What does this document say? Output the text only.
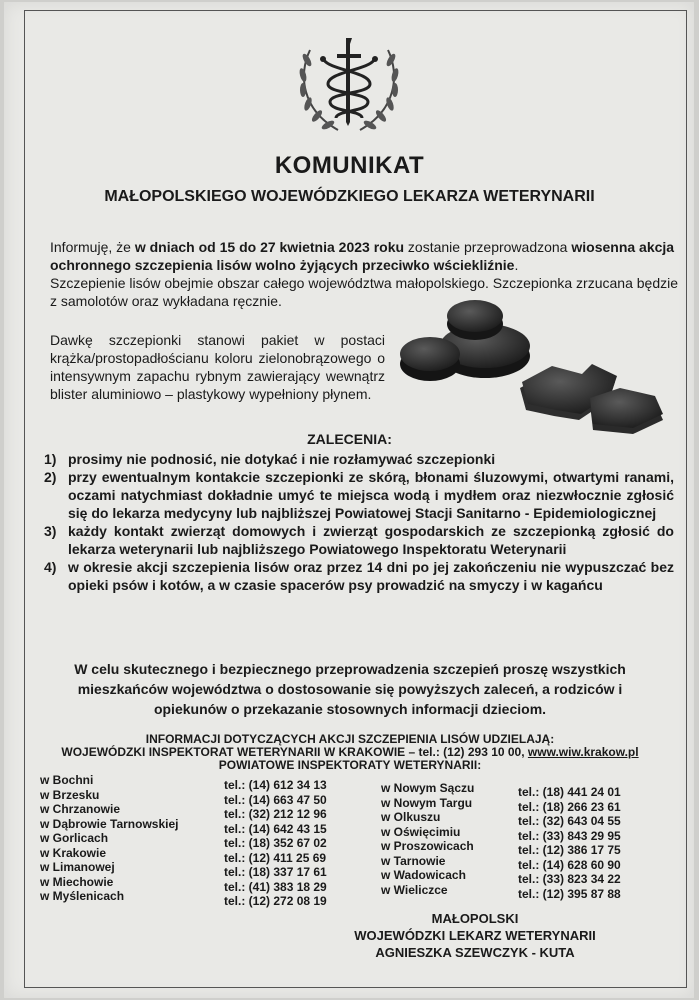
KOMUNIKAT
MAŁOPOLSKIEGO WOJEWÓDZKIEGO LEKARZA WETERYNARII
Informuję, że w dniach od 15 do 27 kwietnia 2023 roku zostanie przeprowadzona wiosenna akcja ochronnego szczepienia lisów wolno żyjących przeciwko wściekliźnie.
Szczepienie lisów obejmie obszar całego województwa małopolskiego. Szczepionka zrzucana będzie z samolotów oraz wykładana ręcznie.
Dawkę szczepionki stanowi pakiet w postaci krążka/prostopadłościanu koloru zielonobrązowego o intensywnym zapachu rybnym zawierający wewnątrz blister aluminiowo – plastykowy wypełniony płynem.
ZALECENIA:
1) prosimy nie podnosić, nie dotykać i nie rozłamywać szczepionki
2) przy ewentualnym kontakcie szczepionki ze skórą, błonami śluzowymi, otwartymi ranami, oczami natychmiast dokładnie umyć te miejsca wodą i mydłem oraz niezwłocznie zgłosić się do lekarza medycyny lub najbliższej Powiatowej Stacji Sanitarno - Epidemiologicznej
3) każdy kontakt zwierząt domowych i zwierząt gospodarskich ze szczepionką zgłosić do lekarza weterynarii lub najbliższego Powiatowego Inspektoratu Weterynarii
4) w okresie akcji szczepienia lisów oraz przez 14 dni po jej zakończeniu nie wypuszczać bez opieki psów i kotów, a w czasie spacerów psy prowadzić na smyczy i w kagańcu
W celu skutecznego i bezpiecznego przeprowadzenia szczepień proszę wszystkich mieszkańców województwa o dostosowanie się powyższych zaleceń, a rodziców i opiekunów o przekazanie stosownych informacji dzieciom.
INFORMACJI DOTYCZĄCYCH AKCJI SZCZEPIENIA LISÓW UDZIELAJĄ:
WOJEWÓDZKI INSPEKTORAT WETERYNARII W KRAKOWIE – tel.: (12) 293 10 00, www.wiw.krakow.pl
POWIATOWE INSPEKTORATY WETERYNARII:
w Bochni
w Brzesku
w Chrzanowie
w Dąbrowie Tarnowskiej
w Gorlicach
w Krakowie
w Limanowej
w Miechowie
w Myślenicach
tel.: (14) 612 34 13
tel.: (14) 663 47 50
tel.: (32) 212 12 96
tel.: (14) 642 43 15
tel.: (18) 352 67 02
tel.: (12) 411 25 69
tel.: (18) 337 17 61
tel.: (41) 383 18 29
tel.: (12) 272 08 19
w Nowym Sączu
w Nowym Targu
w Olkuszu
w Oświęcimiu
w Proszowicach
w Tarnowie
w Wadowicach
w Wieliczce
tel.: (18) 441 24 01
tel.: (18) 266 23 61
tel.: (32) 643 04 55
tel.: (33) 843 29 95
tel.: (12) 386 17 75
tel.: (14) 628 60 90
tel.: (33) 823 34 22
tel.: (12) 395 87 88
MAŁOPOLSKI
WOJEWÓDZKI LEKARZ WETERYNARII
AGNIESZKA SZEWCZYK - KUTA
